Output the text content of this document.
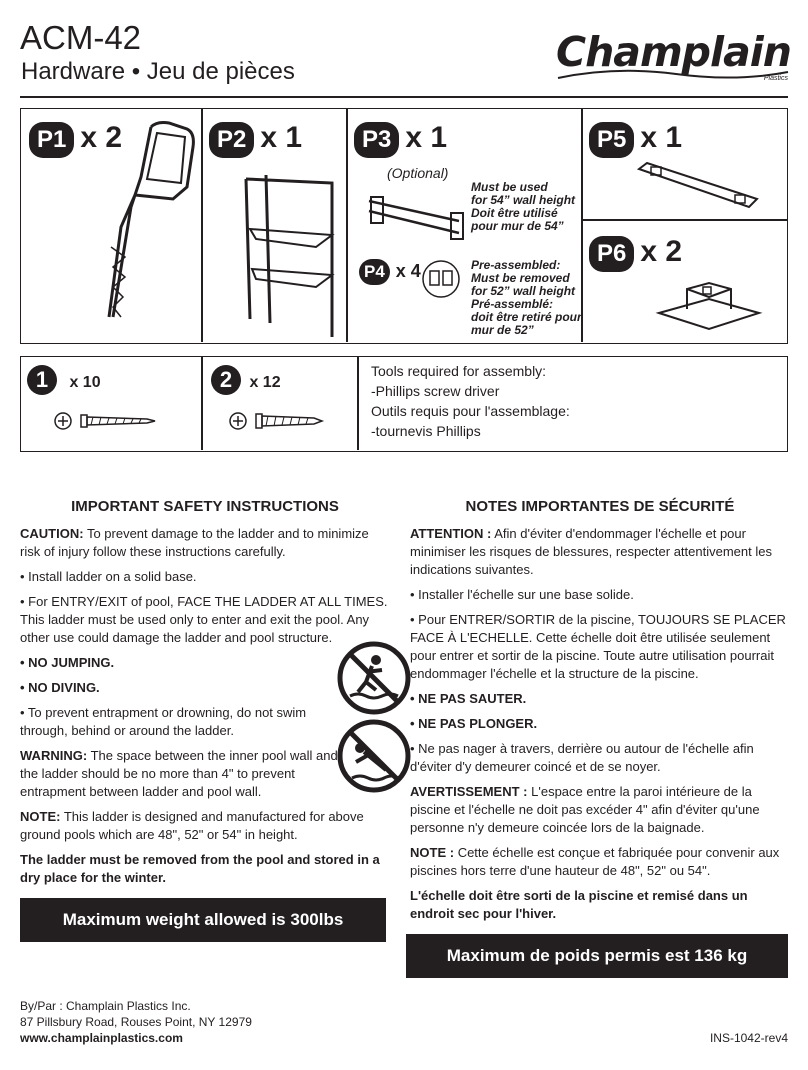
ACM-42
Hardware • Jeu de pièces	Champlain
Plastics
P1 x 2	P2 x 1	P3 x 1
(Optional)
Must be used
for 54” wall height
Doit être utilisé
pour mur de 54”
P4 x 4	Pre-assembled:
Must be removed
for 52” wall height
Pré-assemblé:
doit être retiré pour
mur de 52”
P5 x 1
P6 x 2
1 x 10	2 x 12
Tools required for assembly:
-Phillips screw driver
Outils requis pour l'assemblage:
-tournevis Phillips
IMPORTANT SAFETY INSTRUCTIONS

CAUTION: To prevent damage to the ladder and to minimize risk of injury follow these instructions carefully.

• Install ladder on a solid base.

• For ENTRY/EXIT of pool, FACE THE LADDER AT ALL TIMES. This ladder must be used only to enter and exit the pool. Any other use could damage the ladder and pool structure.

• NO JUMPING.

• NO DIVING.

• To prevent entrapment or drowning, do not swim through, behind or around the ladder.

WARNING: The space between the inner pool wall and the ladder should be no more than 4" to prevent entrapment between ladder and pool wall.

NOTE: This ladder is designed and manufactured for above ground pools which are 48", 52" or 54" in height.

The ladder must be removed from the pool and stored in a dry place for the winter.

Maximum weight allowed is 300lbs
NOTES IMPORTANTES DE SÉCURITÉ

ATTENTION : Afin d'éviter d'endommager l'échelle et pour minimiser les risques de blessures, respecter attentivement les indications suivantes.

• Installer l'échelle sur une base solide.

• Pour ENTRER/SORTIR de la piscine, TOUJOURS SE PLACER FACE À L'ECHELLE. Cette échelle doit être utilisée seulement pour entrer et sortir de la piscine. Toute autre utilisation pourrait endommager l'échelle et la structure de la piscine.

• NE PAS SAUTER.

• NE PAS PLONGER.

• Ne pas nager à travers, derrière ou autour de l'échelle afin d'éviter d'y demeurer coincé et de se noyer.

AVERTISSEMENT : L'espace entre la paroi intérieure de la piscine et l'échelle ne doit pas excéder 4" afin d'éviter qu'une personne n'y demeure coincée lors de la baignade.

NOTE : Cette échelle est conçue et fabriquée pour convenir aux piscines hors terre d'une hauteur de 48", 52" ou 54".

L'échelle doit être sorti de la piscine et remisé dans un endroit sec pour l'hiver.

Maximum de poids permis est 136 kg
By/Par : Champlain Plastics Inc.
87 Pillsbury Road, Rouses Point, NY 12979
www.champlainplastics.com	INS-1042-rev4
